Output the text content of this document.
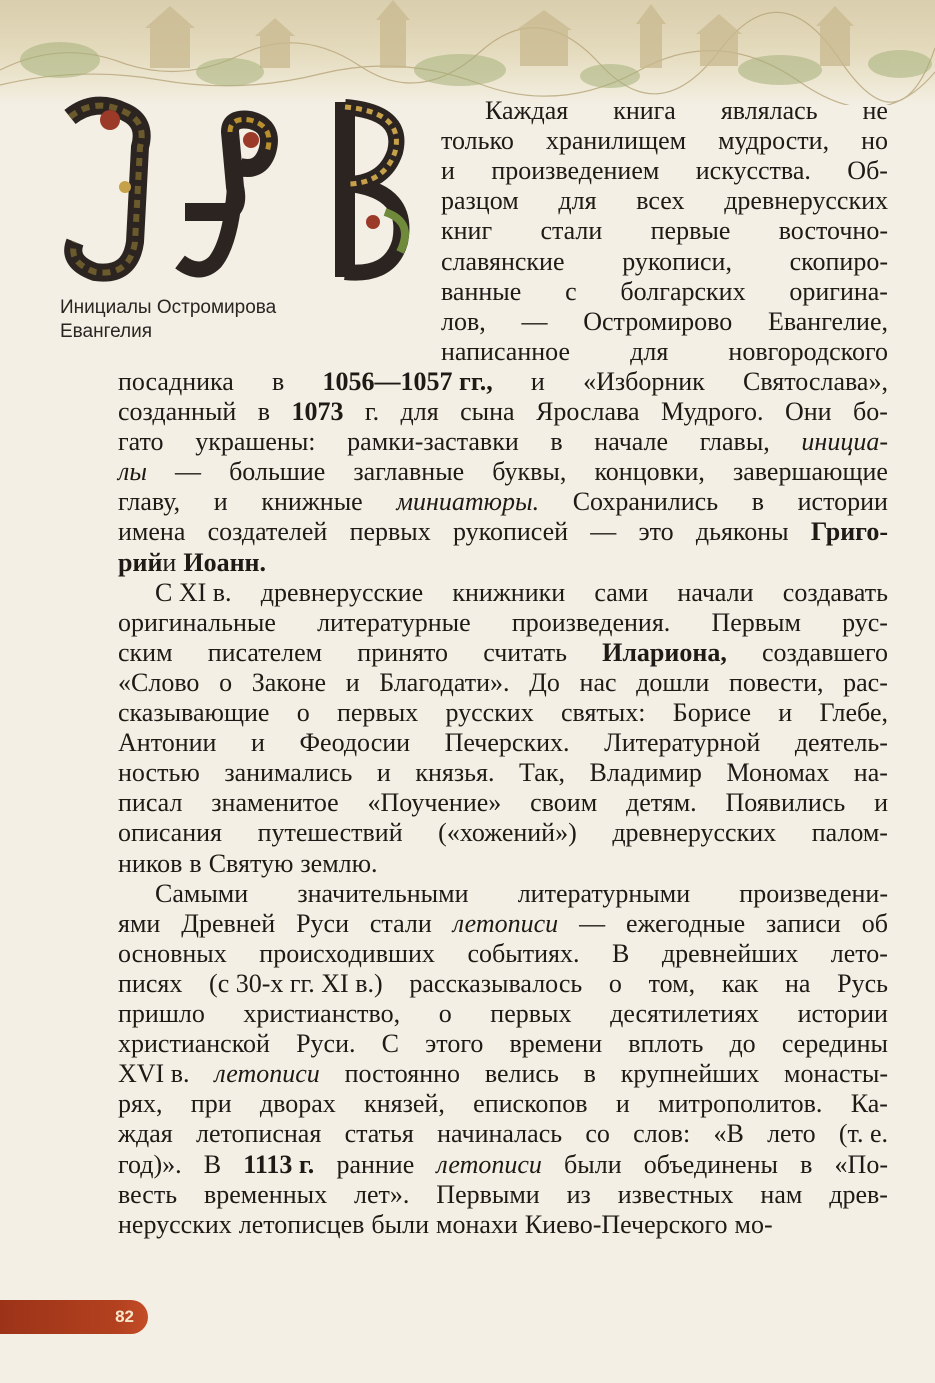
Инициалы Остромирова
Евангелия
Каждая книга являлась не
только хранилищем мудрости, но
и произведением искусства. Об-
разцом для всех древнерусских
книг стали первые восточно-
славянские рукописи, скопиро-
ванные с болгарских оригина-
лов, — Остромирово Евангелие,
написанное для новгородского
посадника в 1056—1057 гг., и «Изборник Святослава»,
созданный в 1073 г. для сына Ярослава Мудрого. Они бо-
гато украшены: рамки-заставки в начале главы, инициа-
лы — большие заглавные буквы, концовки, завершающие
главу, и книжные миниатюры. Сохранились в истории
имена создателей первых рукописей — это дьяконы Григо-
рий и Иоанн.
С XI в. древнерусские книжники сами начали создавать
оригинальные литературные произведения. Первым рус-
ским писателем принято считать Илариона, создавшего
«Слово о Законе и Благодати». До нас дошли повести, рас-
сказывающие о первых русских святых: Борисе и Глебе,
Антонии и Феодосии Печерских. Литературной деятель-
ностью занимались и князья. Так, Владимир Мономах на-
писал знаменитое «Поучение» своим детям. Появились и
описания путешествий («хожений») древнерусских палом-
ников в Святую землю.
Самыми значительными литературными произведени-
ями Древней Руси стали летописи — ежегодные записи об
основных происходивших событиях. В древнейших лето-
писях (с 30-х гг. XI в.) рассказывалось о том, как на Русь
пришло христианство, о первых десятилетиях истории
христианской Руси. С этого времени вплоть до середины
XVI в. летописи постоянно велись в крупнейших монасты-
рях, при дворах князей, епископов и митрополитов. Ка-
ждая летописная статья начиналась со слов: «В лето (т. е.
год)». В 1113 г. ранние летописи были объединены в «По-
весть временных лет». Первыми из известных нам древ-
нерусских летописцев были монахи Киево-Печерского мо-
82
